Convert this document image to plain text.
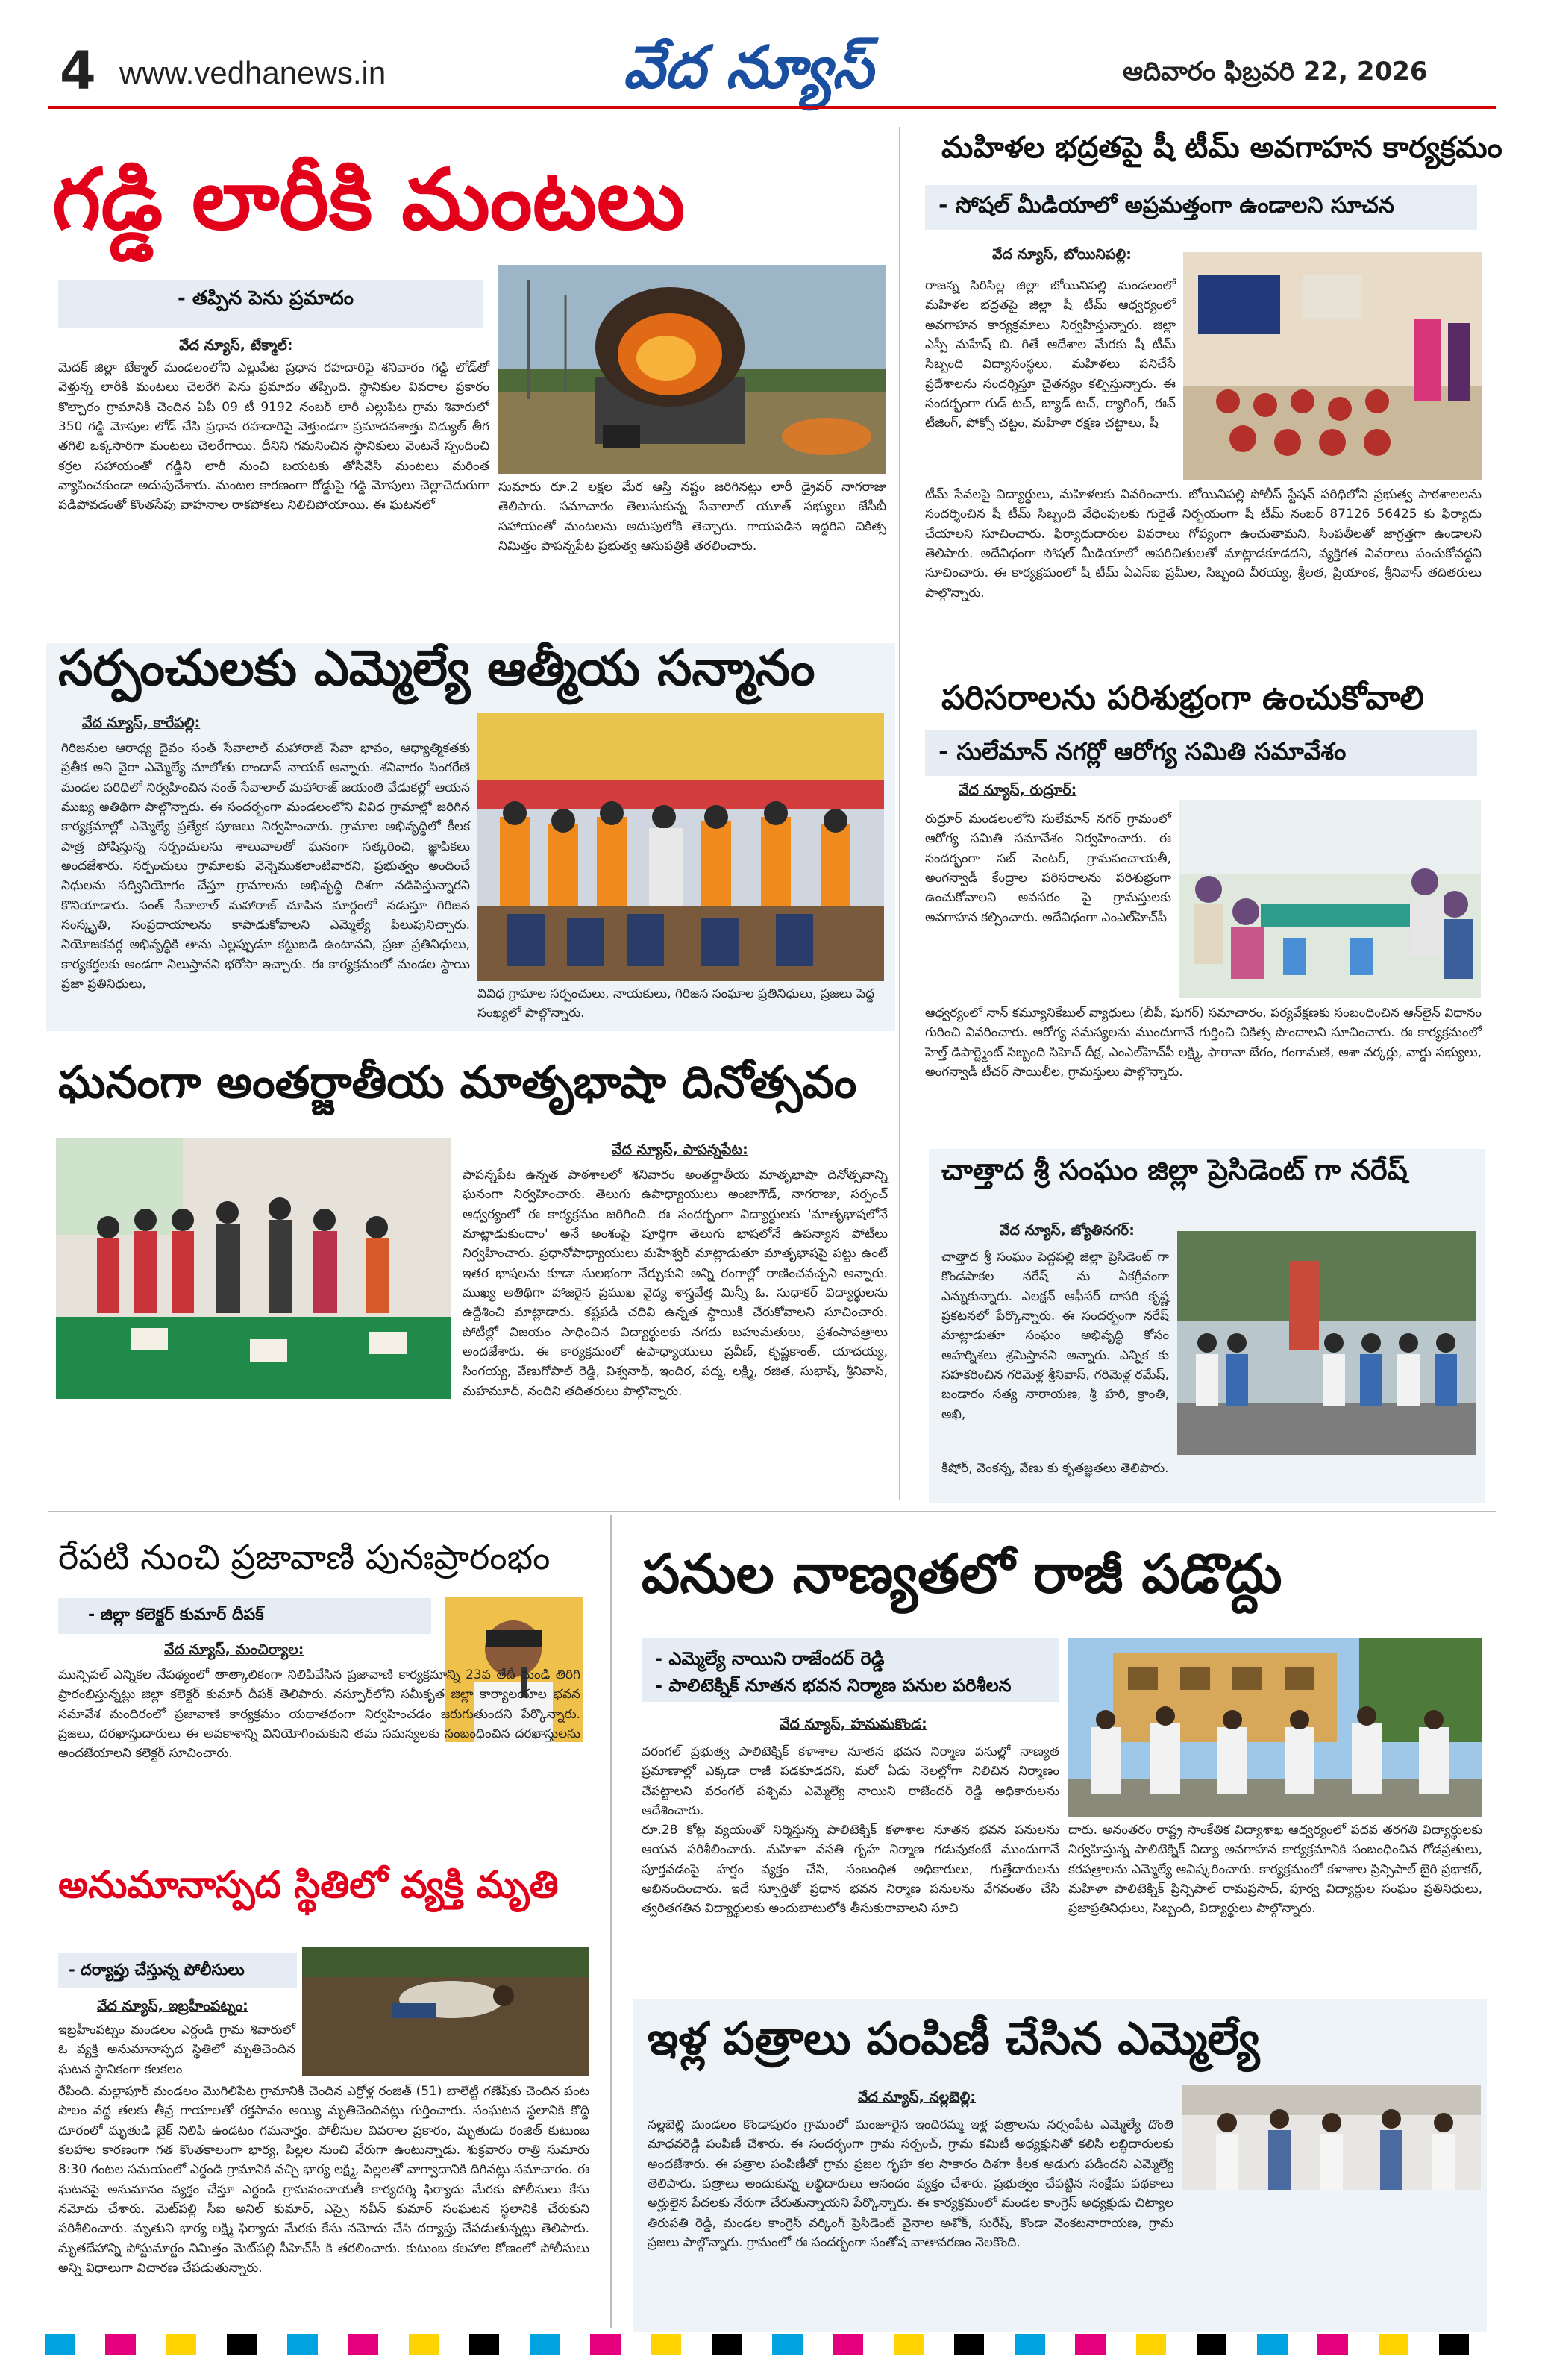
4 www.vedhanews.in	వేద న్యూస్	ఆదివారం ఫిబ్రవరి 22, 2026
గడ్డి లారీకి మంటలు
- తప్పిన పెను ప్రమాదం
వేద న్యూస్, టేక్మాల్:
మెదక్ జిల్లా టేక్మాల్ మండలంలోని ఎల్లుపేట ప్రధాన రహదారిపై శనివారం గడ్డి లోడ్‌తో వెళ్తున్న లారీకి మంటలు చెలరేగి పెను ప్రమాదం తప్పింది. స్థానికుల వివరాల ప్రకారం కొల్చారం గ్రామానికి చెందిన ఏపీ 09 టీ 9192 నంబర్ లారీ ఎల్లుపేట గ్రామ శివారులో 350 గడ్డి మోపుల లోడ్ చేసి ప్రధాన రహదారిపై వెళ్తుండగా ప్రమాదవశాత్తు విద్యుత్ తీగ తగిలి ఒక్కసారిగా మంటలు చెలరేగాయి. దీనిని గమనించిన స్థానికులు వెంటనే స్పందించి కర్రల సహాయంతో గడ్డిని లారీ నుంచి బయటకు తోసివేసి మంటలు మరింత వ్యాపించకుండా అదుపుచేశారు. మంటల కారణంగా రోడ్డుపై గడ్డి మోపులు చెల్లాచెదురుగా పడిపోవడంతో కొంతసేపు వాహనాల రాకపోకలు నిలిచిపోయాయి. ఈ ఘటనలో
సుమారు రూ.2 లక్షల మేర ఆస్తి నష్టం జరిగినట్లు లారీ డ్రైవర్ నాగరాజు తెలిపారు. సమాచారం తెలుసుకున్న సేవాలాల్ యూత్ సభ్యులు జేసీబీ సహాయంతో మంటలను అదుపులోకి తెచ్చారు. గాయపడిన ఇద్దరిని చికిత్స నిమిత్తం పాపన్నపేట ప్రభుత్వ ఆసుపత్రికి తరలించారు.
మహిళల భద్రతపై షీ టీమ్ అవగాహన కార్యక్రమం
- సోషల్ మీడియాలో అప్రమత్తంగా ఉండాలని సూచన
వేద న్యూస్, బోయినిపల్లి:
రాజన్న సిరిసిల్ల జిల్లా బోయినిపల్లి మండలంలో మహిళల భద్రతపై జిల్లా షీ టీమ్ ఆధ్వర్యంలో అవగాహన కార్యక్రమాలు నిర్వహిస్తున్నారు. జిల్లా ఎస్పీ మహేష్ బి. గితే ఆదేశాల మేరకు షీ టీమ్ సిబ్బంది విద్యాసంస్థలు, మహిళలు పనిచేసే ప్రదేశాలను సందర్శిస్తూ చైతన్యం కల్పిస్తున్నారు. ఈ సందర్భంగా గుడ్ టచ్, బ్యాడ్ టచ్, ర్యాగింగ్, ఈవ్ టీజింగ్, పోక్సో చట్టం, మహిళా రక్షణ చట్టాలు, షీ
టీమ్ సేవలపై విద్యార్థులు, మహిళలకు వివరించారు. బోయినిపల్లి పోలీస్ స్టేషన్ పరిధిలోని ప్రభుత్వ పాఠశాలలను సందర్శించిన షీ టీమ్ సిబ్బంది వేధింపులకు గురైతే నిర్భయంగా షీ టీమ్ నంబర్ 87126 56425 కు ఫిర్యాదు చేయాలని సూచించారు. ఫిర్యాదుదారుల వివరాలు గోప్యంగా ఉంచుతామని, సింపతీలతో జాగ్రత్తగా ఉండాలని తెలిపారు. అదేవిధంగా సోషల్ మీడియాలో అపరిచితులతో మాట్లాడకూడదని, వ్యక్తిగత వివరాలు పంచుకోవద్దని సూచించారు. ఈ కార్యక్రమంలో షీ టీమ్ ఏఎస్ఐ ప్రమీల, సిబ్బంది వీరయ్య, శ్రీలత, ప్రియాంక, శ్రీనివాస్ తదితరులు పాల్గొన్నారు.
సర్పంచులకు ఎమ్మెల్యే ఆత్మీయ సన్మానం
వేద న్యూస్, కారేపల్లి:
గిరిజనుల ఆరాధ్య దైవం సంత్ సేవాలాల్ మహారాజ్ సేవా భావం, ఆధ్యాత్మికతకు ప్రతీక అని వైరా ఎమ్మెల్యే మాలోతు రాందాస్ నాయక్ అన్నారు. శనివారం సింగరేణి మండల పరిధిలో నిర్వహించిన సంత్ సేవాలాల్ మహారాజ్ జయంతి వేడుకల్లో ఆయన ముఖ్య అతిథిగా పాల్గొన్నారు. ఈ సందర్భంగా మండలంలోని వివిధ గ్రామాల్లో జరిగిన కార్యక్రమాల్లో ఎమ్మెల్యే ప్రత్యేక పూజలు నిర్వహించారు. గ్రామాల అభివృద్ధిలో కీలక పాత్ర పోషిస్తున్న సర్పంచులను శాలువాలతో ఘనంగా సత్కరించి, జ్ఞాపికలు అందజేశారు. సర్పంచులు గ్రామాలకు వెన్నెముకలాంటివారని, ప్రభుత్వం అందించే నిధులను సద్వినియోగం చేస్తూ గ్రామాలను అభివృద్ధి దిశగా నడిపిస్తున్నారని కొనియాడారు. సంత్ సేవాలాల్ మహారాజ్ చూపిన మార్గంలో నడుస్తూ గిరిజన సంస్కృతి, సంప్రదాయాలను కాపాడుకోవాలని ఎమ్మెల్యే పిలుపునిచ్చారు. నియోజకవర్గ అభివృద్ధికి తాను ఎల్లప్పుడూ కట్టుబడి ఉంటానని, ప్రజా ప్రతినిధులు, కార్యకర్తలకు అండగా నిలుస్తానని భరోసా ఇచ్చారు. ఈ కార్యక్రమంలో మండల స్థాయి ప్రజా ప్రతినిధులు,
వివిధ గ్రామాల సర్పంచులు, నాయకులు, గిరిజన సంఘాల ప్రతినిధులు, ప్రజలు పెద్ద సంఖ్యలో పాల్గొన్నారు.
పరిసరాలను పరిశుభ్రంగా ఉంచుకోవాలి
- సులేమాన్ నగర్లో ఆరోగ్య సమితి సమావేశం
వేద న్యూస్, రుద్రూర్:
రుద్రూర్ మండలంలోని సులేమాన్ నగర్ గ్రామంలో ఆరోగ్య సమితి సమావేశం నిర్వహించారు. ఈ సందర్భంగా సబ్ సెంటర్, గ్రామపంచాయతీ, అంగన్వాడీ కేంద్రాల పరిసరాలను పరిశుభ్రంగా ఉంచుకోవాలని అవసరం పై గ్రామస్తులకు అవగాహన కల్పించారు. అదేవిధంగా ఎంఎల్‌హెచ్‌పీ
ఆధ్వర్యంలో నాన్ కమ్యూనికేబుల్ వ్యాధులు (బీపీ, షుగర్) సమాచారం, పర్యవేక్షణకు సంబంధించిన ఆన్‌లైన్ విధానం గురించి వివరించారు. ఆరోగ్య సమస్యలను ముందుగానే గుర్తించి చికిత్స పొందాలని సూచించారు. ఈ కార్యక్రమంలో హెల్త్ డిపార్ట్మెంట్ సిబ్బంది సిహెచ్ దీక్ష, ఎంఎల్‌హెచ్‌పీ లక్ష్మి, ఫారానా బేగం, గంగామణి, ఆశా వర్కర్లు, వార్డు సభ్యులు, అంగన్వాడీ టీచర్ సాయిలీల, గ్రామస్తులు పాల్గొన్నారు.
ఘనంగా అంతర్జాతీయ మాతృభాషా దినోత్సవం
వేద న్యూస్, పాపన్నపేట:
పాపన్నపేట ఉన్నత పాఠశాలలో శనివారం అంతర్జాతీయ మాతృభాషా దినోత్సవాన్ని ఘనంగా నిర్వహించారు. తెలుగు ఉపాధ్యాయులు అంజాగౌడ్, నాగరాజు, సర్పంచ్ ఆధ్వర్యంలో ఈ కార్యక్రమం జరిగింది. ఈ సందర్భంగా విద్యార్థులకు 'మాతృభాషలోనే మాట్లాడుకుందాం' అనే అంశంపై పూర్తిగా తెలుగు భాషలోనే ఉపన్యాస పోటీలు నిర్వహించారు. ప్రధానోపాధ్యాయులు మహేశ్వర్ మాట్లాడుతూ మాతృభాషపై పట్టు ఉంటే ఇతర భాషలను కూడా సులభంగా నేర్చుకుని అన్ని రంగాల్లో రాణించవచ్చని అన్నారు. ముఖ్య అతిథిగా హాజరైన ప్రముఖ వైద్య శాస్త్రవేత్త మిన్నీ ఓ. సుధాకర్ విద్యార్థులను ఉద్దేశించి మాట్లాడారు. కష్టపడి చదివి ఉన్నత స్థాయికి చేరుకోవాలని సూచించారు. పోటీల్లో విజయం సాధించిన విద్యార్థులకు నగదు బహుమతులు, ప్రశంసాపత్రాలు అందజేశారు. ఈ కార్యక్రమంలో ఉపాధ్యాయులు ప్రవీణ్, కృష్ణకాంత్, యాదయ్య, సింగయ్య, వేణుగోపాల్ రెడ్డి, విశ్వనాథ్, ఇందిర, పద్మ, లక్ష్మి, రజిత, సుభాష్, శ్రీనివాస్, మహమూద్, నందిని తదితరులు పాల్గొన్నారు.
చాత్తాద శ్రీ సంఘం జిల్లా ప్రెసిడెంట్ గా నరేష్
వేద న్యూస్, జ్యోతినగర్:
చాత్తాద శ్రీ సంఘం పెద్దపల్లి జిల్లా ప్రెసిడెంట్ గా కొండపాకల నరేష్ ను ఏకగ్రీవంగా ఎన్నుకున్నారు. ఎలక్షన్ ఆఫీసర్ దాసరి కృష్ణ ప్రకటనలో పేర్కొన్నారు. ఈ సందర్భంగా నరేష్ మాట్లాడుతూ సంఘం అభివృద్ధి కోసం ఆహర్నిశలు శ్రమిస్తానని అన్నారు. ఎన్నిక కు సహకరించిన గరిమెళ్ల శ్రీనివాస్, గరిమెళ్ల రమేష్, బండారం సత్య నారాయణ, శ్రీ హరి, క్రాంతి, అఖి,
కిషోర్, వెంకన్న, వేణు కు కృతజ్ఞతలు తెలిపారు.
రేపటి నుంచి ప్రజావాణి పునఃప్రారంభం
- జిల్లా కలెక్టర్ కుమార్ దీపక్
వేద న్యూస్, మంచిర్యాల:
మున్సిపల్ ఎన్నికల నేపథ్యంలో తాత్కాలికంగా నిలిపివేసిన ప్రజావాణి కార్యక్రమాన్ని 23వ తేదీ నుండి తిరిగి ప్రారంభిస్తున్నట్లు జిల్లా కలెక్టర్ కుమార్ దీపక్ తెలిపారు. నస్పూర్‌లోని సమీకృత జిల్లా కార్యాలయాల భవన సమావేశ మందిరంలో ప్రజావాణి కార్యక్రమం యథాతథంగా నిర్వహించడం జరుగుతుందని పేర్కొన్నారు. ప్రజలు, దరఖాస్తుదారులు ఈ అవకాశాన్ని వినియోగించుకుని తమ సమస్యలకు సంబంధించిన దరఖాస్తులను అందజేయాలని కలెక్టర్ సూచించారు.
అనుమానాస్పద స్థితిలో వ్యక్తి మృతి
- దర్యాప్తు చేస్తున్న పోలీసులు
వేద న్యూస్, ఇబ్రహీంపట్నం:
ఇబ్రహీంపట్నం మండలం ఎర్దండి గ్రామ శివారులో ఓ వ్యక్తి అనుమానాస్పద స్థితిలో మృతిచెందిన ఘటన స్థానికంగా కలకలం
రేపింది. మల్లాపూర్ మండలం మొగిలిపేట గ్రామానికి చెందిన ఎర్రోళ్ల రంజిత్ (51) బాలేట్టి గణేష్‌కు చెందిన పంట పొలం వద్ద తలకు తీవ్ర గాయాలతో రక్తసావం అయ్యి మృతిచెందినట్లు గుర్తించారు. సంఘటన స్థలానికి కొద్ది దూరంలో మృతుడి బైక్ నిలిపి ఉండటం గమనార్హం. పోలీసుల వివరాల ప్రకారం, మృతుడు రంజిత్ కుటుంబ కలహాల కారణంగా గత కొంతకాలంగా భార్య, పిల్లల నుంచి వేరుగా ఉంటున్నాడు. శుక్రవారం రాత్రి సుమారు 8:30 గంటల సమయంలో ఎర్దండి గ్రామానికి వచ్చి భార్య లక్ష్మి, పిల్లలతో వాగ్వాదానికి దిగినట్లు సమాచారం. ఈ ఘటనపై అనుమానం వ్యక్తం చేస్తూ ఎర్దండి గ్రామపంచాయతీ కార్యదర్శి ఫిర్యాదు మేరకు పోలీసులు కేసు నమోదు చేశారు. మెట్‌పల్లి సీఐ అనిల్ కుమార్, ఎస్సై నవీన్ కుమార్ సంఘటన స్థలానికి చేరుకుని పరిశీలించారు. మృతుని భార్య లక్ష్మి ఫిర్యాదు మేరకు కేసు నమోదు చేసి దర్యాప్తు చేపడుతున్నట్లు తెలిపారు. మృతదేహాన్ని పోస్టుమార్టం నిమిత్తం మెట్‌పల్లి సీహెచ్‌సీ కి తరలించారు. కుటుంబ కలహాల కోణంలో పోలీసులు అన్ని విధాలుగా విచారణ చేపడుతున్నారు.
పనుల నాణ్యతలో రాజీ పడొద్దు
- ఎమ్మెల్యే నాయిని రాజేందర్ రెడ్డి
- పాలిటెక్నిక్ నూతన భవన నిర్మాణ పనుల పరిశీలన
వేద న్యూస్, హనుమకొండ:
వరంగల్ ప్రభుత్వ పాలిటెక్నిక్ కళాశాల నూతన భవన నిర్మాణ పనుల్లో నాణ్యత ప్రమాణాల్లో ఎక్కడా రాజీ పడకూడదని, మరో ఏడు నెలల్లోగా నిలిచిన నిర్మాణం చేపట్టాలని వరంగల్ పశ్చిమ ఎమ్మెల్యే నాయిని రాజేందర్ రెడ్డి అధికారులను ఆదేశించారు.
రూ.28 కోట్ల వ్యయంతో నిర్మిస్తున్న పాలిటెక్నిక్ కళాశాల నూతన భవన పనులను ఆయన పరిశీలించారు. మహిళా వసతి గృహ నిర్మాణ గడువుకంటే ముందుగానే పూర్తవడంపై హర్షం వ్యక్తం చేసి, సంబంధిత అధికారులు, గుత్తేదారులను అభినందించారు. ఇదే స్ఫూర్తితో ప్రధాన భవన నిర్మాణ పనులను వేగవంతం చేసి త్వరితగతిన విద్యార్థులకు అందుబాటులోకి తీసుకురావాలని సూచి
దారు. అనంతరం రాష్ట్ర సాంకేతిక విద్యాశాఖ ఆధ్వర్యంలో పదవ తరగతి విద్యార్థులకు నిర్వహిస్తున్న పాలిటెక్నిక్ విద్యా అవగాహన కార్యక్రమానికి సంబంధించిన గోడప్రతులు, కరపత్రాలను ఎమ్మెల్యే ఆవిష్కరించారు. కార్యక్రమంలో కళాశాల ప్రిన్సిపాల్ బైరి ప్రభాకర్, మహిళా పాలిటెక్నిక్ ప్రిన్సిపాల్ రామప్రసాద్, పూర్వ విద్యార్థుల సంఘం ప్రతినిధులు, ప్రజాప్రతినిధులు, సిబ్బంది, విద్యార్థులు పాల్గొన్నారు.
ఇళ్ల పత్రాలు పంపిణీ చేసిన ఎమ్మెల్యే
వేద న్యూస్, నల్లబెల్లి:
నల్లబెల్లి మండలం కొండాపురం గ్రామంలో మంజూరైన ఇందిరమ్మ ఇళ్ల పత్రాలను నర్సంపేట ఎమ్మెల్యే దొంతి మాధవరెడ్డి పంపిణీ చేశారు. ఈ సందర్భంగా గ్రామ సర్పంచ్, గ్రామ కమిటీ అధ్యక్షునితో కలిసి లబ్ధిదారులకు అందజేశారు. ఈ పత్రాల పంపిణీతో గ్రామ ప్రజల గృహ కల సాకారం దిశగా కీలక అడుగు పడిందని ఎమ్మెల్యే తెలిపారు. పత్రాలు అందుకున్న లబ్ధిదారులు ఆనందం వ్యక్తం చేశారు. ప్రభుత్వం చేపట్టిన సంక్షేమ పథకాలు అర్హులైన పేదలకు నేరుగా చేరుతున్నాయని పేర్కొన్నారు. ఈ కార్యక్రమంలో మండల కాంగ్రెస్ అధ్యక్షుడు చిట్యాల తిరుపతి రెడ్డి, మండల కాంగ్రెస్ వర్కింగ్ ప్రెసిడెంట్ వైనాల అశోక్, సురేష్, కొండా వెంకటనారాయణ, గ్రామ ప్రజలు పాల్గొన్నారు. గ్రామంలో ఈ సందర్భంగా సంతోష వాతావరణం నెలకొంది.
